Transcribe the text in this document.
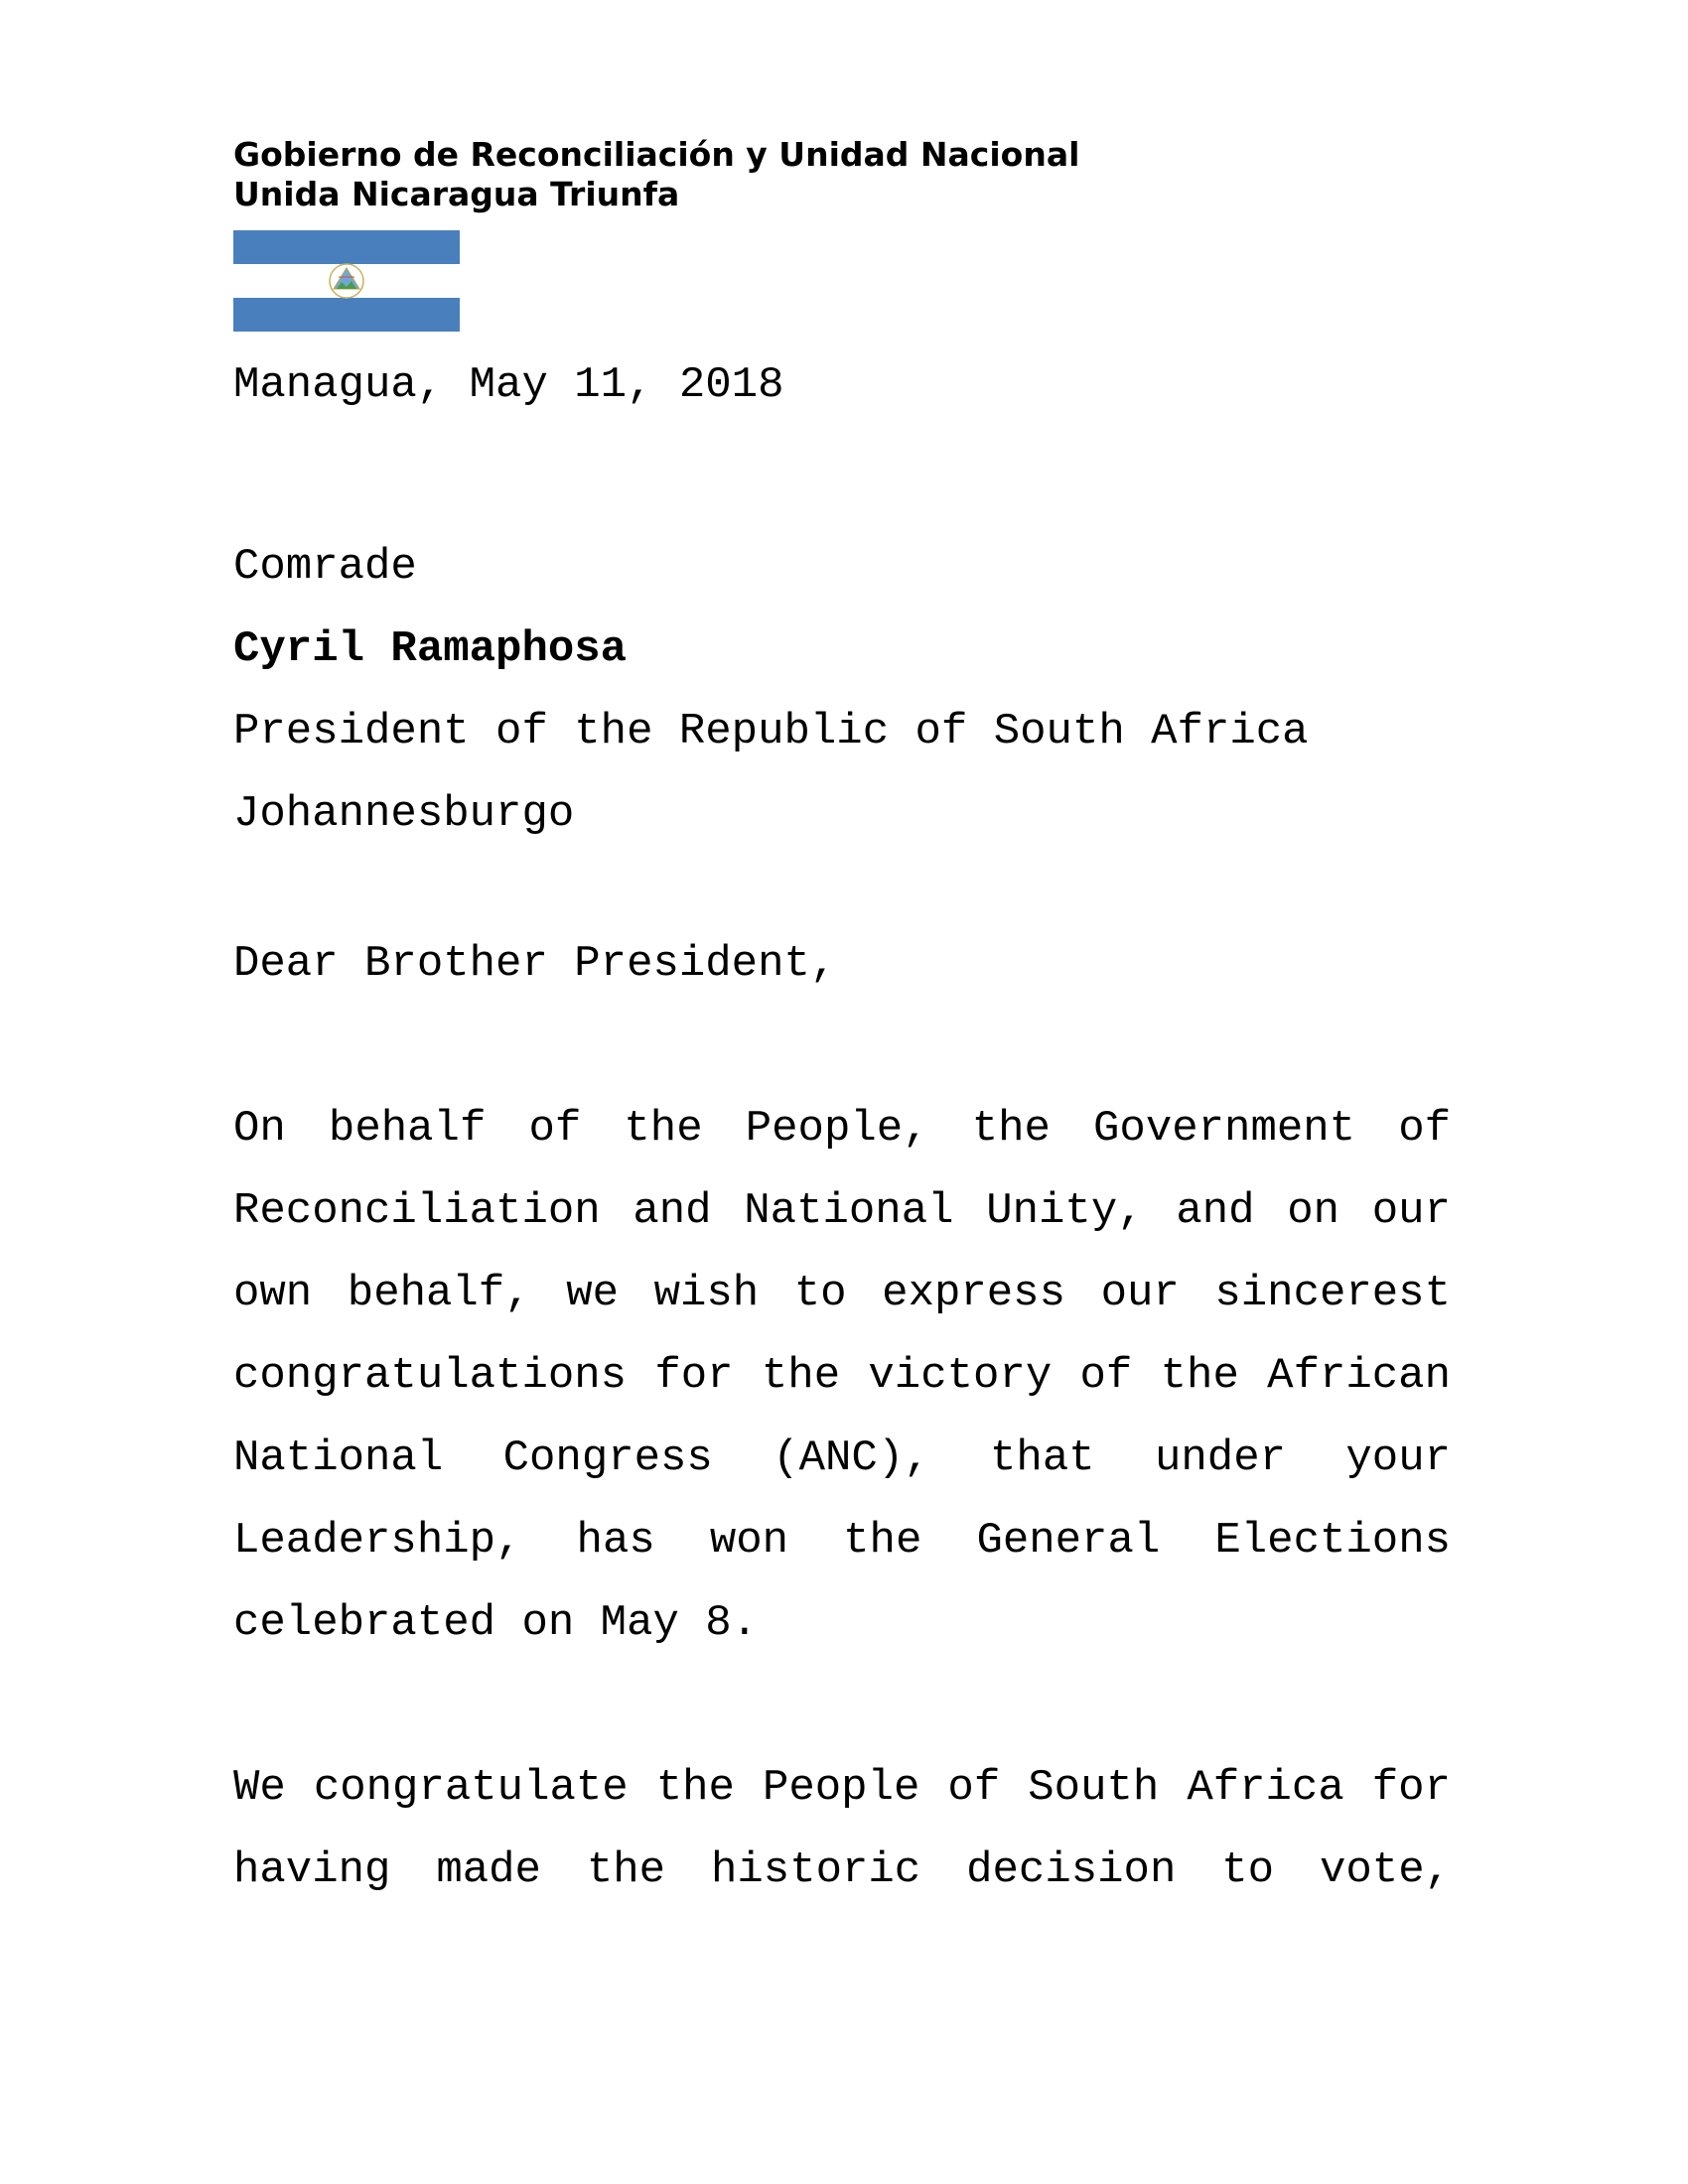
Gobierno de Reconciliación y Unidad Nacional
Unida Nicaragua Triunfa
Managua, May 11, 2018
Comrade
Cyril Ramaphosa
President of the Republic of South Africa
Johannesburgo
Dear Brother President,
On behalf of the People, the Government of
Reconciliation and National Unity, and on our
own behalf, we wish to express our sincerest
congratulations for the victory of the African
National Congress (ANC), that under your
Leadership, has won the General Elections
celebrated on May 8.
We congratulate the People of South Africa for
having made the historic decision to vote,
